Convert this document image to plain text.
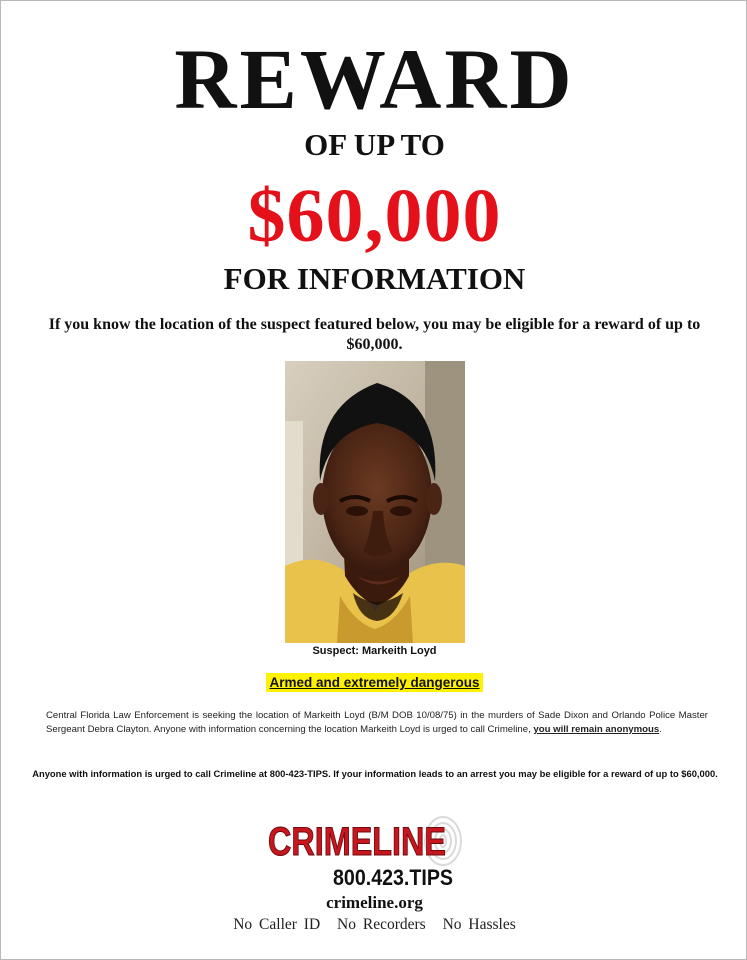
REWARD
OF UP TO
$60,000
FOR INFORMATION
If you know the location of the suspect featured below, you may be eligible for a reward of up to $60,000.
Suspect: Markeith Loyd
Armed and extremely dangerous
Central Florida Law Enforcement is seeking the location of Markeith Loyd (B/M DOB 10/08/75) in the murders of Sade Dixon and Orlando Police Master Sergeant Debra Clayton. Anyone with information concerning the location Markeith Loyd is urged to call Crimeline, you will remain anonymous.
Anyone with information is urged to call Crimeline at 800-423-TIPS. If your information leads to an arrest you may be eligible for a reward of up to $60,000.
CRIMELINE
800.423.TIPS
crimeline.org
No Caller ID No Recorders No Hassles
